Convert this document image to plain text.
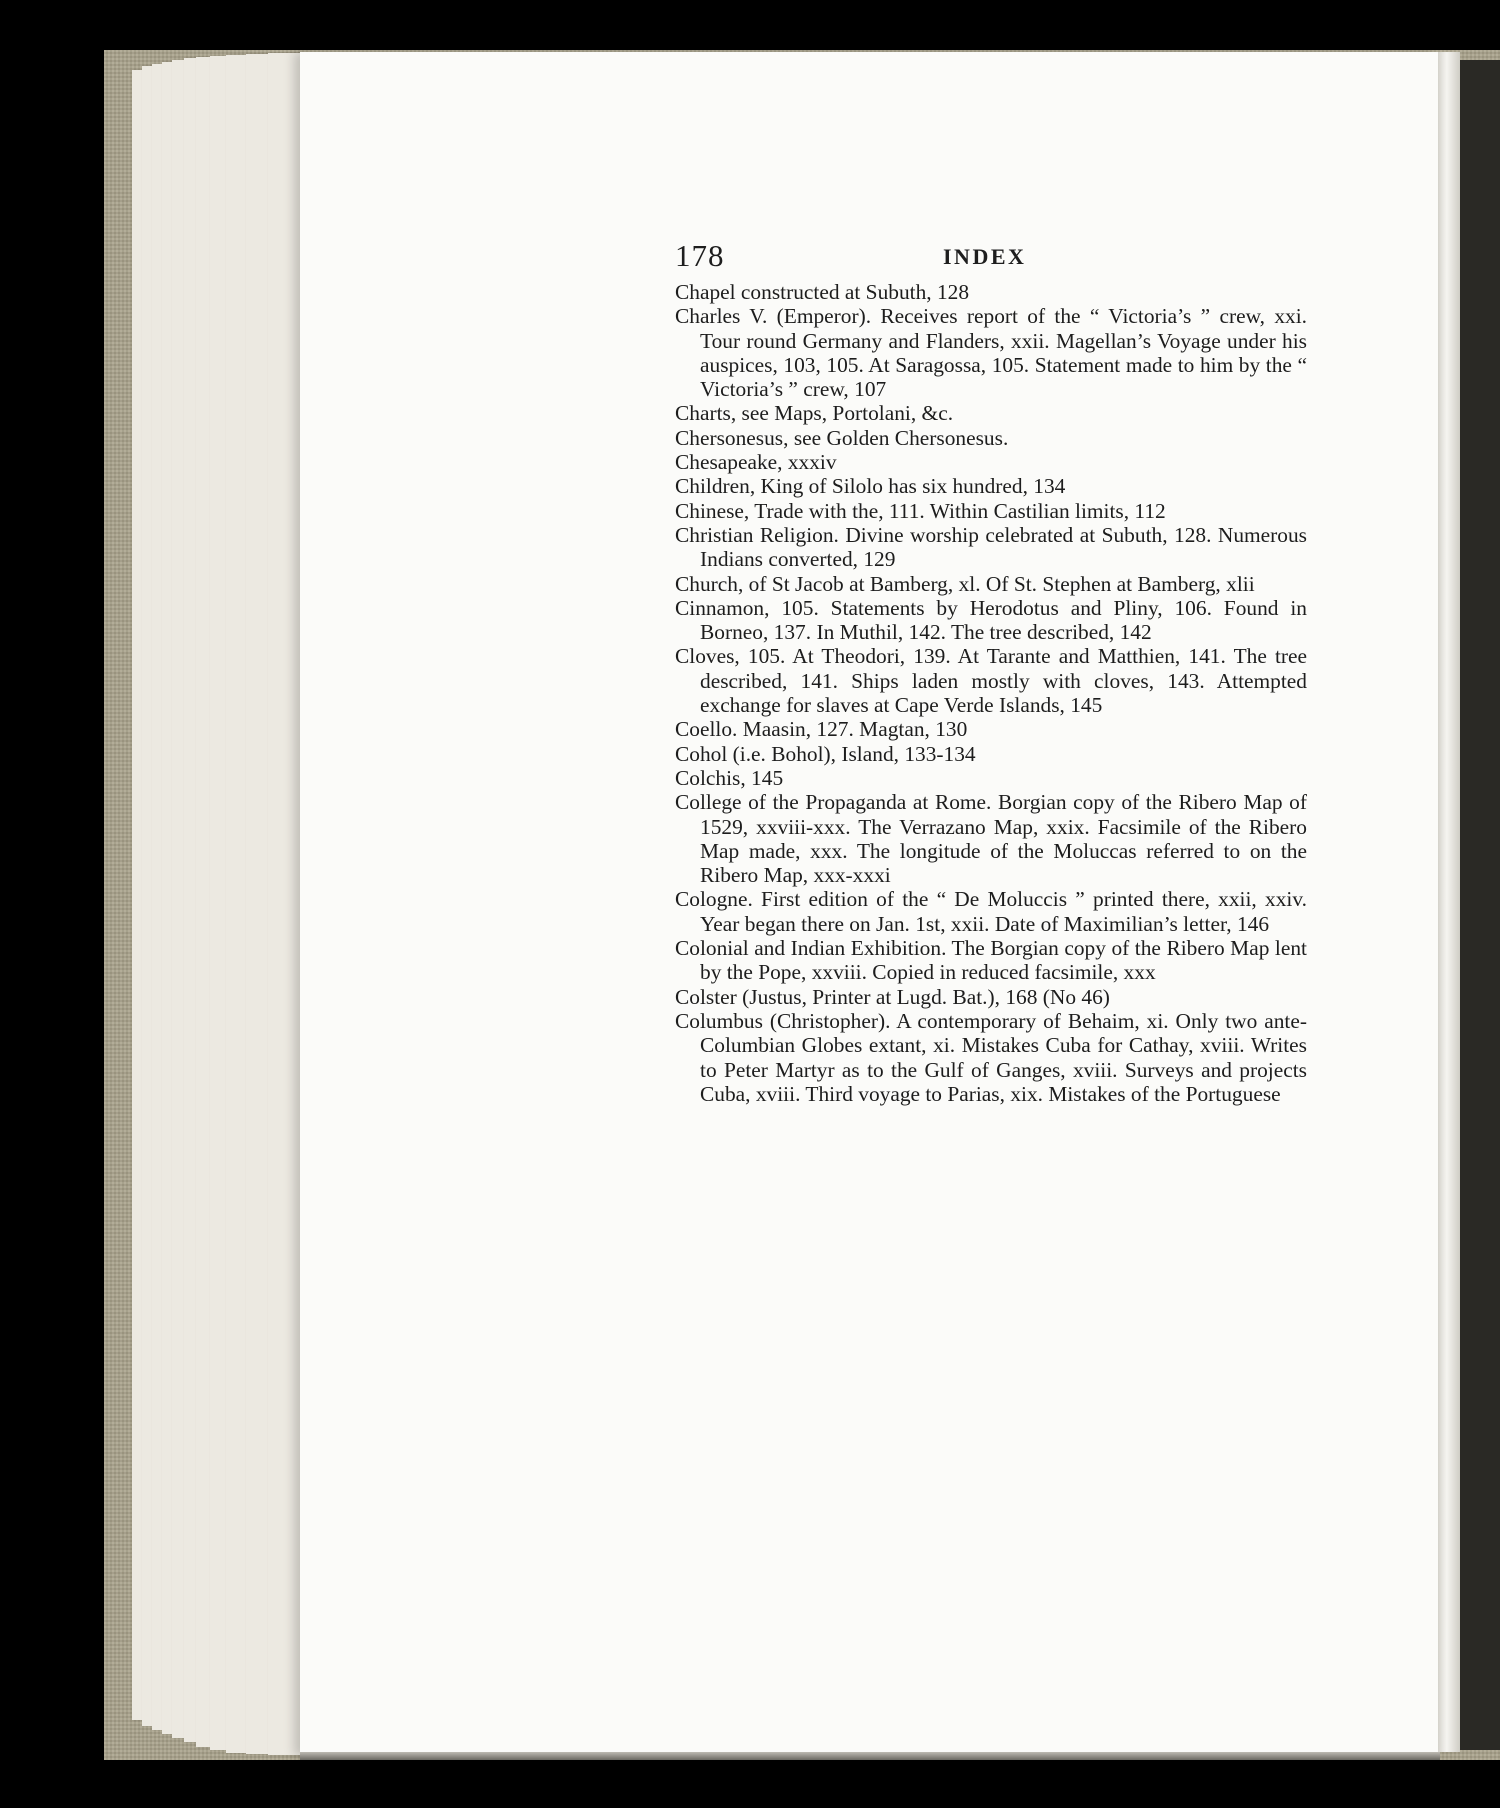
178	INDEX
Chapel constructed at Subuth, 128
Charles V. (Emperor). Receives report of the “ Victoria’s ” crew, xxi. Tour round Germany and Flanders, xxii. Magellan’s Voyage under his auspices, 103, 105. At Saragossa, 105. Statement made to him by the “ Victoria’s ” crew, 107
Charts, see Maps, Portolani, &c.
Chersonesus, see Golden Chersonesus.
Chesapeake, xxxiv
Children, King of Silolo has six hundred, 134
Chinese, Trade with the, 111. Within Castilian limits, 112
Christian Religion. Divine worship celebrated at Subuth, 128. Numerous Indians converted, 129
Church, of St Jacob at Bamberg, xl. Of St. Stephen at Bamberg, xlii
Cinnamon, 105. Statements by Herodotus and Pliny, 106. Found in Borneo, 137. In Muthil, 142. The tree described, 142
Cloves, 105. At Theodori, 139. At Tarante and Matthien, 141. The tree described, 141. Ships laden mostly with cloves, 143. Attempted exchange for slaves at Cape Verde Islands, 145
Coello. Maasin, 127. Magtan, 130
Cohol (i.e. Bohol), Island, 133-134
Colchis, 145
College of the Propaganda at Rome. Borgian copy of the Ribero Map of 1529, xxviii-xxx. The Verrazano Map, xxix. Facsimile of the Ribero Map made, xxx. The longitude of the Moluccas referred to on the Ribero Map, xxx-xxxi
Cologne. First edition of the “ De Moluccis ” printed there, xxii, xxiv. Year began there on Jan. 1st, xxii. Date of Maximilian’s letter, 146
Colonial and Indian Exhibition. The Borgian copy of the Ribero Map lent by the Pope, xxviii. Copied in reduced facsimile, xxx
Colster (Justus, Printer at Lugd. Bat.), 168 (No 46)
Columbus (Christopher). A contemporary of Behaim, xi. Only two ante-Columbian Globes extant, xi. Mistakes Cuba for Cathay, xviii. Writes to Peter Martyr as to the Gulf of Ganges, xviii. Surveys and projects Cuba, xviii. Third voyage to Parias, xix. Mistakes of the Portuguese
